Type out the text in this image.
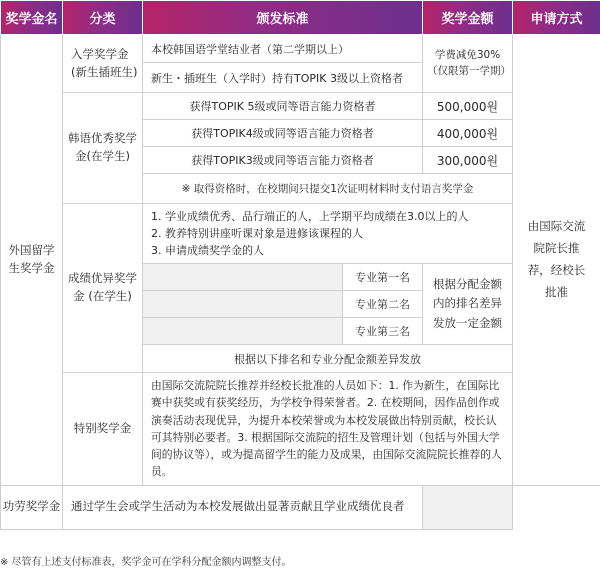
奖学金名	分类	颁发标准		奖学金额	申请方式
外国留学生奖学金	入学奖学金 (新生插班生)	本校韩国语学堂结业者（第二学期以上）		学费减免30%（仅限第一学期）	由国际交流院院长推荐，经校长批准
		新生・插班生（入学时）持有TOPIK 3级以上资格者			
	韩语优秀奖学金(在学生)	获得TOPIK 5级或同等语言能力资格者		500,000원	
		获得TOPIK4级或同等语言能力资格者		400,000원	
		获得TOPIK3级或同等语言能力资格者		300,000원	
		※ 取得资格时，在校期间只提交1次证明材料时支付语言奖学金			
	成绩优异奖学金 (在学生)	1. 学业成绩优秀、品行端正的人，上学期平均成绩在3.0以上的人
2. 教养特别讲座听课对象是进修该课程的人
3. 申请成绩奖学金的人			

			专业第一名	根据分配金额内的排名差异发放一定金额	
			专业第二名		
			专业第三名		
		根据以下排名和专业分配金额差异发放			
	特别奖学金	由国际交流院院长推荐并经校长批准的人员如下：1. 作为新生，在国际比赛中获奖或有获奖经历，为学校争得荣誉者。2. 在校期间，因作品创作或演奏活动表现优异，为提升本校荣誉或为本校发展做出特别贡献，校长认可其特别必要者。3. 根据国际交流院的招生及管理计划（包括与外国大学间的协议等），或为提高留学生的能力及成果，由国际交流院院长推荐的人员。			

功劳奖学金	通过学生会或学生活动为本校发展做出显著贡献且学业成绩优良者				
※ 尽管有上述支付标准表，奖学金可在学科分配金额内调整支付。
